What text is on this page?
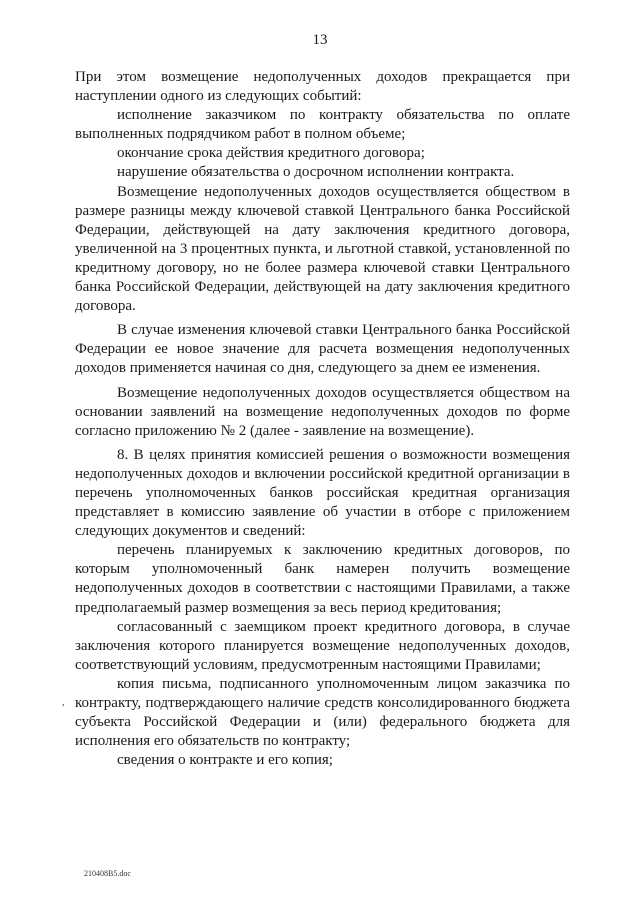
13

При этом возмещение недополученных доходов прекращается при наступлении одного из следующих событий:

исполнение заказчиком по контракту обязательства по оплате выполненных подрядчиком работ в полном объеме;

окончание срока действия кредитного договора;

нарушение обязательства о досрочном исполнении контракта.

Возмещение недополученных доходов осуществляется обществом в размере разницы между ключевой ставкой Центрального банка Российской Федерации, действующей на дату заключения кредитного договора, увеличенной на 3 процентных пункта, и льготной ставкой, установленной по кредитному договору, но не более размера ключевой ставки Центрального банка Российской Федерации, действующей на дату заключения кредитного договора.

В случае изменения ключевой ставки Центрального банка Российской Федерации ее новое значение для расчета возмещения недополученных доходов применяется начиная со дня, следующего за днем ее изменения.

Возмещение недополученных доходов осуществляется обществом на основании заявлений на возмещение недополученных доходов по форме согласно приложению № 2 (далее - заявление на возмещение).

8. В целях принятия комиссией решения о возможности возмещения недополученных доходов и включении российской кредитной организации в перечень уполномоченных банков российская кредитная организация представляет в комиссию заявление об участии в отборе с приложением следующих документов и сведений:

перечень планируемых к заключению кредитных договоров, по которым уполномоченный банк намерен получить возмещение недополученных доходов в соответствии с настоящими Правилами, а также предполагаемый размер возмещения за весь период кредитования;

согласованный с заемщиком проект кредитного договора, в случае заключения которого планируется возмещение недополученных доходов, соответствующий условиям, предусмотренным настоящими Правилами;

копия письма, подписанного уполномоченным лицом заказчика по контракту, подтверждающего наличие средств консолидированного бюджета субъекта Российской Федерации и (или) федерального бюджета для исполнения его обязательств по контракту;

сведения о контракте и его копия;

,
210408В5.doc
